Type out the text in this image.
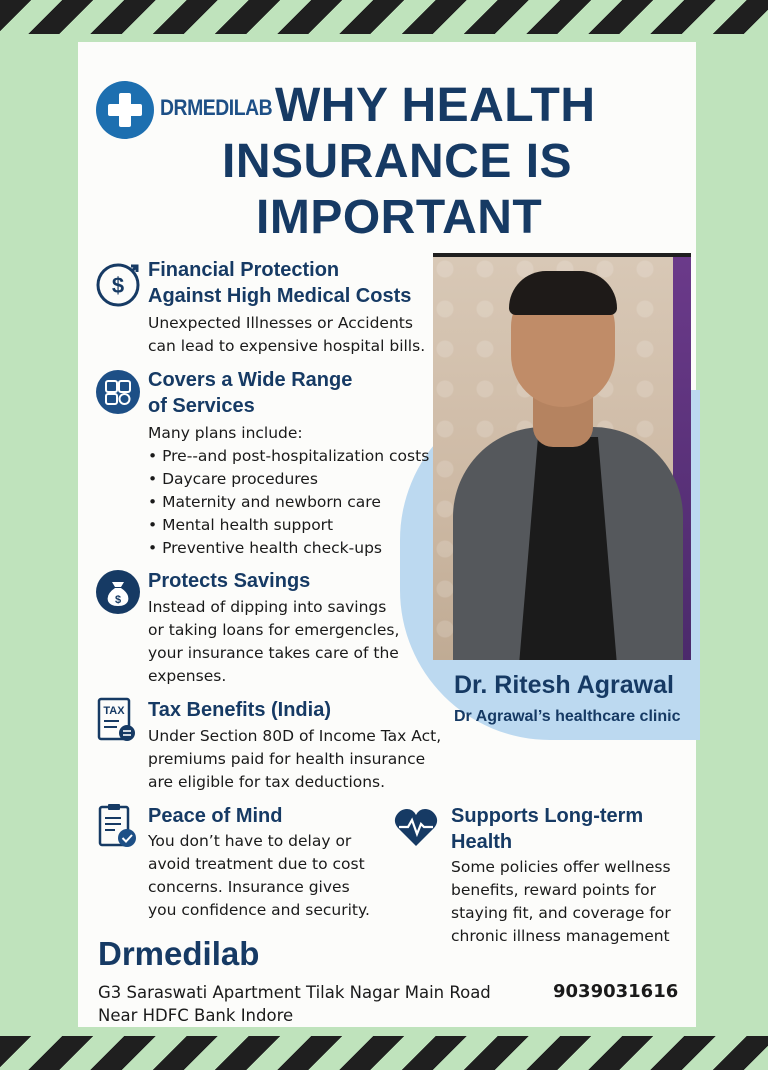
DRMEDILAB WHY HEALTH
INSURANCE IS
IMPORTANT
Dr. Ritesh Agrawal
Dr Agrawal’s healthcare clinic
$
Financial Protection
Against High Medical Costs
Unexpected Illnesses or Accidents
can lead to expensive hospital bills.
Covers a Wide Range
of Services
Many plans include:
• Pre--and post-hospitalization costs
• Daycare procedures
• Maternity and newborn care
• Mental health support
• Preventive health check-ups
$
Protects Savings
Instead of dipping into savings
or taking loans for emergencles,
your insurance takes care of the
expenses.
TAX Tax Benefits (India)
Under Section 80D of Income Tax Act,
premiums paid for health insurance
are eligible for tax deductions.
Peace of Mind
You don’t have to delay or
avoid treatment due to cost
concerns. Insurance gives
you confidence and security.
Supports Long-term
Health
Some policies offer wellness
benefits, reward points for
staying fit, and coverage for
chronic illness management
Drmedilab
G3 Saraswati Apartment Tilak Nagar Main Road
Near HDFC Bank Indore
9039031616
